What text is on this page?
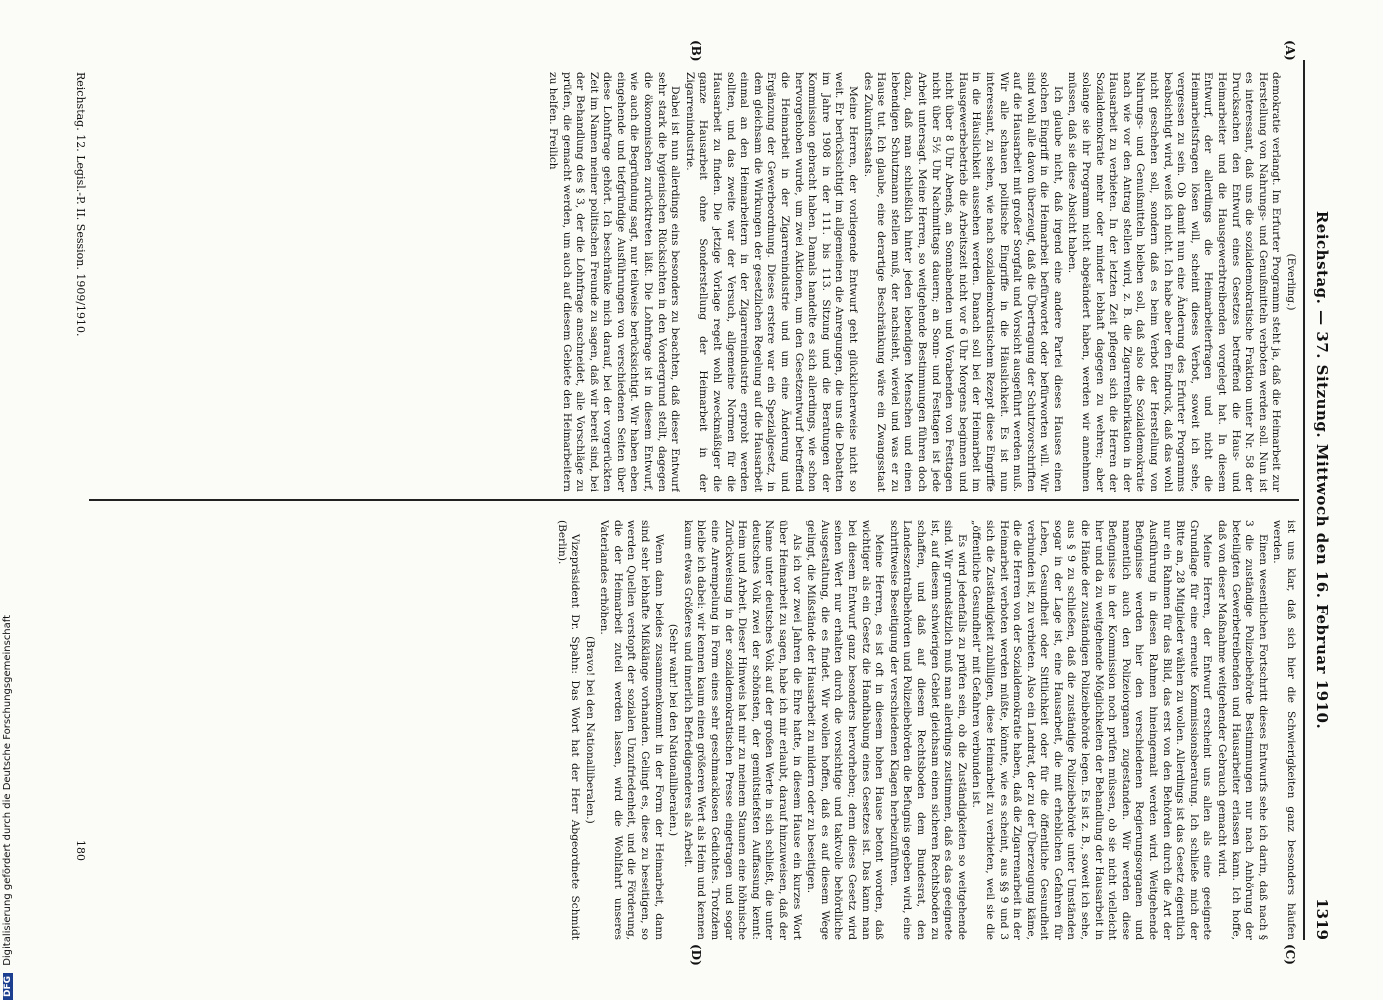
Reichstag. — 37. Sitzung. Mittwoch den 16. Februar 1910.
1319
(A)
(B)
(C)
(D)

(Everling.)

demokratie verlangt. Im Erfurter Programm steht ja, daß die Heimarbeit zur Herstellung von Nahrungs- und Genußmitteln verboten werden soll. Nun ist es interessant, daß uns die sozialdemokratische Fraktion unter Nr. 58 der Drucksachen den Entwurf eines Gesetzes betreffend die Haus- und Heimarbeiter und die Hausgewerbtreibenden vorgelegt hat. In diesem Entwurf, der allerdings die Heimarbeiterfragen und nicht die Heimarbeitsfragen lösen will, scheint dieses Verbot, soweit ich sehe, vergessen zu sein. Ob damit nun eine Änderung des Erfurter Programms beabsichtigt wird, weiß ich nicht. Ich habe aber den Eindruck, daß das wohl nicht geschehen soll, sondern daß es beim Verbot der Herstellung von Nahrungs- und Genußmitteln bleiben soll, daß also die Sozialdemokratie nach wie vor den Antrag stellen wird, z. B. die Zigarrenfabrikation in der Hausarbeit zu verbieten. In der letzten Zeit pflegen sich die Herren der Sozialdemokratie mehr oder minder lebhaft dagegen zu wehren; aber solange sie ihr Programm nicht abgeändert haben, werden wir annehmen müssen, daß sie diese Absicht haben.

Ich glaube nicht, daß irgend eine andere Partei dieses Hauses einen solchen Eingriff in die Heimarbeit befürwortet oder befürworten will. Wir sind wohl alle davon überzeugt, daß die Übertragung der Schutzvorschriften auf die Hausarbeit mit großer Sorgfalt und Vorsicht ausgeführt werden muß. Wir alle schauen politische Eingriffe in die Häuslichkeit. Es ist nun interessant, zu sehen, wie nach sozialdemokratischem Rezept diese Eingriffe in die Häuslichkeit aussehen werden. Danach soll bei der Heimarbeit im Hausgewerbebetrieb die Arbeitszeit nicht vor 6 Uhr Morgens beginnen und nicht über 8 Uhr Abends, an Sonnabenden und Vorabenden von Festtagen nicht über 5½ Uhr Nachmittags dauern; an Sonn- und Festtagen ist jede Arbeit untersagt. Meine Herren, so weitgehende Bestimmungen führen doch dazu, daß man schließlich hinter jeden lebendigen Menschen und einen lebendigen Schutzmann stellen muß, der nachsieht, wieviel und was er zu Hause tut. Ich glaube, eine derartige Beschränkung wäre ein Zwangsstaat des Zukunftsstaats.

Meine Herren, der vorliegende Entwurf geht glücklicherweise nicht so weit. Er berücksichtigt im allgemeinen die Anregungen, die uns die Debatten im Jahre 1908 in der 111. bis 113. Sitzung und die Beratungen der Kommission gebracht haben. Damals handelte es sich allerdings, wie schon hervorgehoben wurde, um zwei Aktionen, um den Gesetzentwurf betreffend die Heimarbeit in der Zigarrenindustrie und um eine Änderung und Ergänzung der Gewerbeordnung. Dieses erstere war ein Spezialgesetz, in dem gleichsam die Wirkungen der gesetzlichen Regelung auf die Hausarbeit einmal an den Heimarbeitern in der Zigarrenindustrie erprobt werden sollten, und das zweite war der Versuch, allgemeine Normen für die Hausarbeit zu finden. Die jetzige Vorlage regelt wohl zweckmäßiger die ganze Hausarbeit ohne Sonderstellung der Heimarbeit in der Zigarrenindustrie.

Dabei ist nun allerdings eins besonders zu beachten, daß dieser Entwurf sehr stark die hygienischen Rücksichten in den Vordergrund stellt, dagegen die ökonomischen zurücktreten läßt. Die Lohnfrage ist in diesem Entwurf, wie auch die Begründung sagt, nur teilweise berücksichtigt. Wir haben eben eingehende und tiefgründige Ausführungen von verschiedenen Seiten über diese Lohnfrage gehört. Ich beschränke mich darauf, bei der vorgerückten Zeit im Namen meiner politischen Freunde zu sagen, daß wir bereit sind, bei der Behandlung des § 3, der die Lohnfrage anschneidet, alle Vorschläge zu prüfen, die gemacht werden, um auch auf diesem Gebiete den Heimarbeitern zu helfen. Freilich

ist uns klar, daß sich hier die Schwierigkeiten ganz besonders häufen werden.

Einen wesentlichen Fortschritt dieses Entwurfs sehe ich darin, daß nach § 3 die zuständige Polizeibehörde Bestimmungen nur nach Anhörung der beteiligten Gewerbetreibenden und Hausarbeiter erlassen kann. Ich hoffe, daß von dieser Maßnahme weitgehender Gebrauch gemacht wird.

Meine Herren, der Entwurf erscheint uns allen als eine geeignete Grundlage für eine erneute Kommissionsberatung. Ich schließe mich der Bitte an, 28 Mitglieder wählen zu wollen. Allerdings ist das Gesetz eigentlich nur ein Rahmen für das Bild, das erst von den Behörden durch die Art der Ausführung in diesen Rahmen hineingemalt werden wird. Weitgehende Befugnisse werden hier den verschiedenen Regierungsorganen und namentlich auch den Polizeiorganen zugestanden. Wir werden diese Befugnisse in der Kommission noch prüfen müssen, ob sie nicht vielleicht hier und da zu weitgehende Möglichkeiten der Behandlung der Hausarbeit in die Hände der zuständigen Polizeibehörde legen. Es ist z. B., soweit ich sehe, aus § 9 zu schließen, daß die zuständige Polizeibehörde unter Umständen sogar in der Lage ist, eine Hausarbeit, die mit erheblichen Gefahren für Leben, Gesundheit oder Sittlichkeit oder für die öffentliche Gesundheit verbunden ist, zu verbieten. Also ein Landrat, der zu der Überzeugung käme, die die Herren von der Sozialdemokratie haben, daß die Zigarrenarbeit in der Heimarbeit verboten werden müßte, könnte, wie es scheint, aus §§ 9 und 3 sich die Zuständigkeit zubilligen, diese Heimarbeit zu verbieten, weil sie die „öffentliche Gesundheit“ mit Gefahren verbunden ist.

Es wird jedenfalls zu prüfen sein, ob die Zuständigkeiten so weitgehende sind. Wir grundsätzlich muß man allerdings zustimmen, daß es das geeignete ist, auf diesem schwierigen Gebiet gleichsam einen sicheren Rechtsboden zu schaffen, und daß auf diesem Rechtsboden dem Bundesrat, den Landeszentralbehörden und Polizeibehörden die Befugnis gegeben wird, eine schrittweise Beseitigung der verschiedenen Klagen herbeizuführen.

Meine Herren, es ist oft in diesem hohen Hause betont worden, daß wichtiger als ein Gesetz die Handhabung eines Gesetzes ist. Das kann man bei diesem Entwurf ganz besonders hervorheben; denn dieses Gesetz wird seinen Wert nur erhalten durch die vorsichtige und taktvolle behördliche Ausgestaltung, die es findet. Wir wollen hoffen, daß es auf diesem Wege gelingt, die Mißstände der Hausarbeit zu mildern oder zu beseitigen.

Als ich vor zwei Jahren die Ehre hatte, in diesem Hause ein kurzes Wort über Heimarbeit zu sagen, habe ich mir erlaubt, darauf hinzuweisen, daß der Name unter deutsches Volk auf der großen Werte in sich schließt, die unter deutsches Volk zwei der schönsten, der gemütstiefsten Auffassung kennt: Heim und Arbeit. Dieser Hinweis hat mir zu meinem Staunen eine höhnische Zurückweisung in der sozialdemokratischen Presse eingetragen und sogar eine Anrempelung in Form eines sehr geschmacklosen Gedichtes. Trotzdem bleibe ich dabei: wir kennen kaum einen größeren Wert als Heim und kennen kaum etwas Größeres und innerlich Befriedigenderes als Arbeit.

(Sehr wahr! bei den Nationalliberalen.)

Wenn dann beides zusammenkommt in der Form der Heimarbeit, dann sind sehr lebhafte Mißklänge vorhanden. Gelingt es, diese zu beseitigen, so werden Quellen verstopft der sozialen Unzufriedenheit, und die Förderung, die der Heimarbeit zuteil werden lassen, wird die Wohlfahrt unseres Vaterlandes erhöhen.

(Bravo! bei den Nationalliberalen.)

Vizepräsident Dr. Spahn: Das Wort hat der Herr Abgeordnete Schmidt (Berlin).

Reichstag. 12. Legisl.-P. II. Session. 1909/1910.
180
DFG Digitalisierung gefördert durch die Deutsche Forschungsgemeinschaft
